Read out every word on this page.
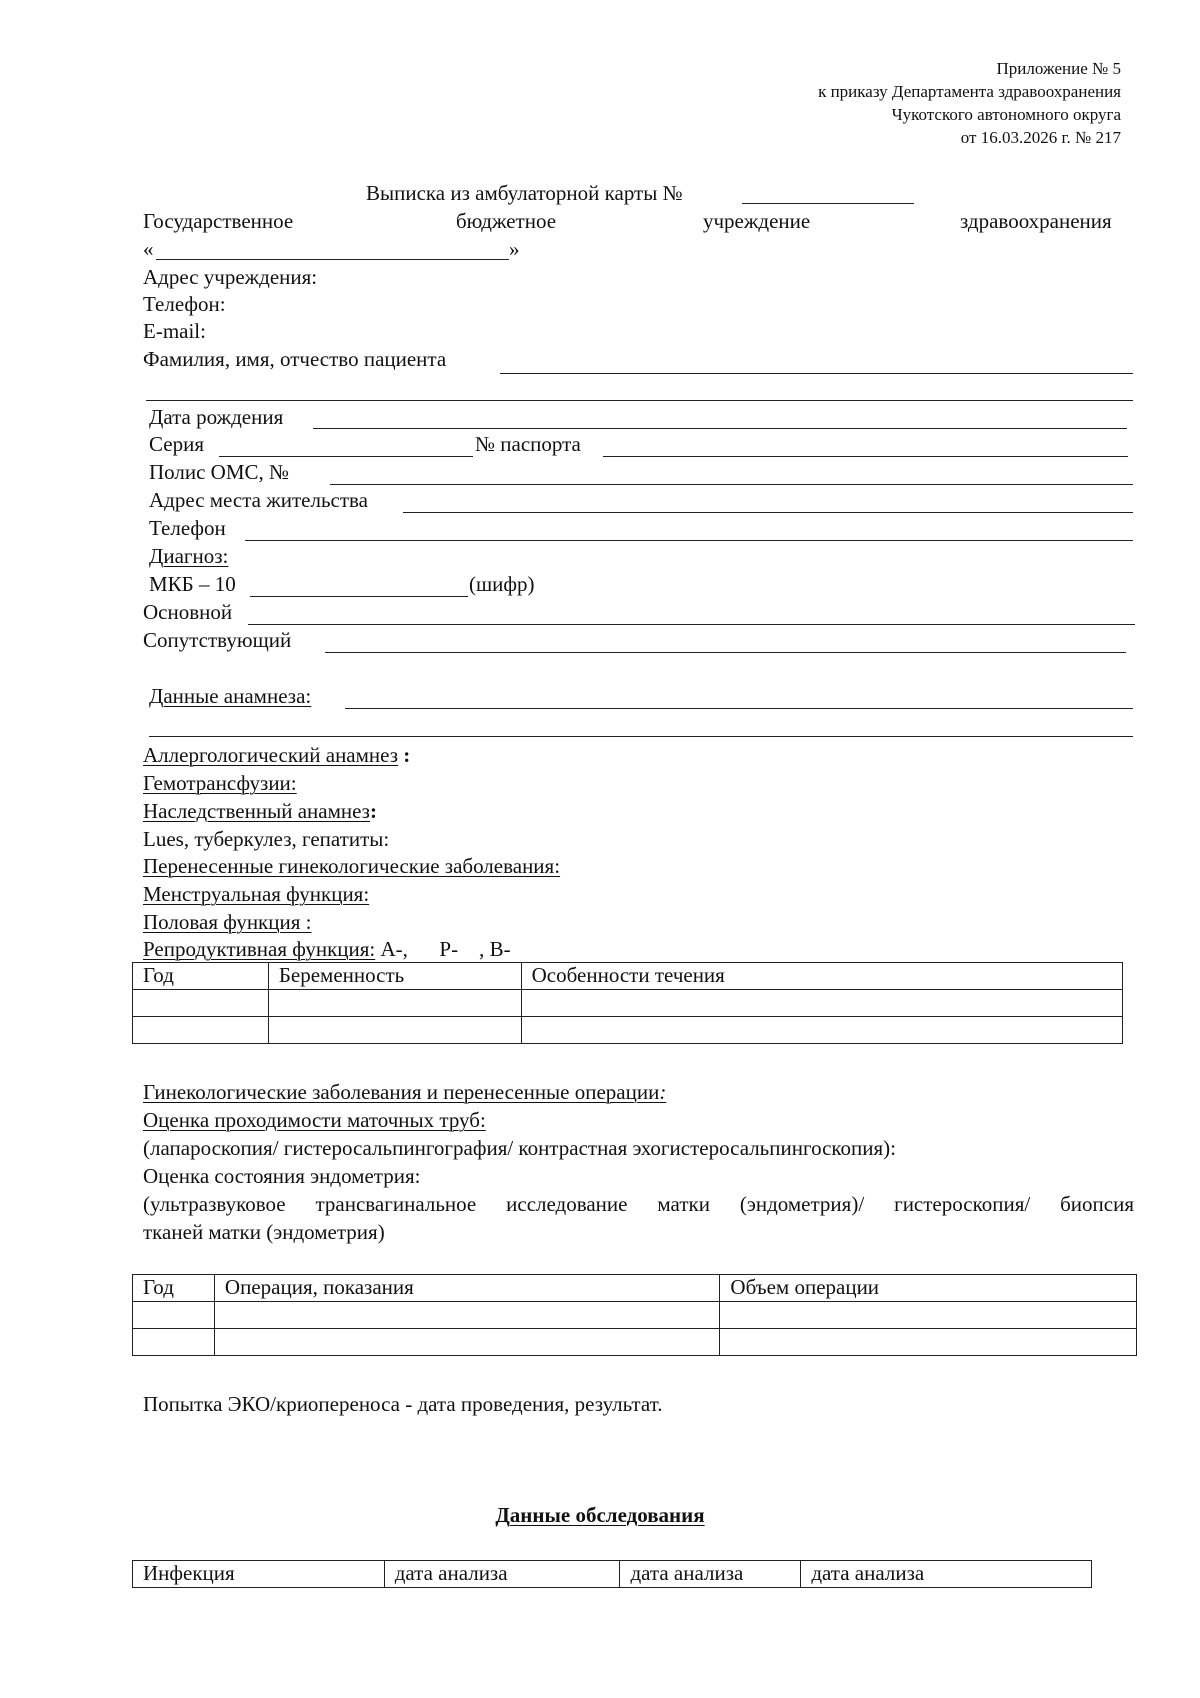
Приложение № 5
к приказу Департамента здравоохранения
Чукотского автономного округа
от 16.03.2026 г. № 217
Выписка из амбулаторной карты №
Государственное	бюджетное	учреждение	здравоохранения
«	»
Адрес учреждения:
Телефон:
E-mail:
Фамилия, имя, отчество пациента
Дата рождения
Серия	№ паспорта
Полис ОМС, №
Адрес места жительства
Телефон
Диагноз:
МКБ – 10	(шифр)
Основной
Сопутствующий
Данные анамнеза:
Аллергологический анамнез :
Гемотрансфузии:
Наследственный анамнез:
Lues, туберкулез, гепатиты:
Перенесенные гинекологические заболевания:
Менструальная функция:
Половая функция :
Репродуктивная функция: А-,      Р-    , В-
Год	Беременность	Особенности течения

Гинекологические заболевания и перенесенные операции:
Оценка проходимости маточных труб:
(лапароскопия/ гистеросальпингография/ контрастная эхогистеросальпингоскопия):
Оценка состояния эндометрия:
(ультразвуковое трансвагинальное исследование матки (эндометрия)/ гистероскопия/ биопсия
тканей матки (эндометрия)
Год	Операция, показания	Объем операции

Попытка ЭКО/криопереноса - дата проведения, результат.
Данные обследования
Инфекция	дата анализа	дата анализа	дата анализа
